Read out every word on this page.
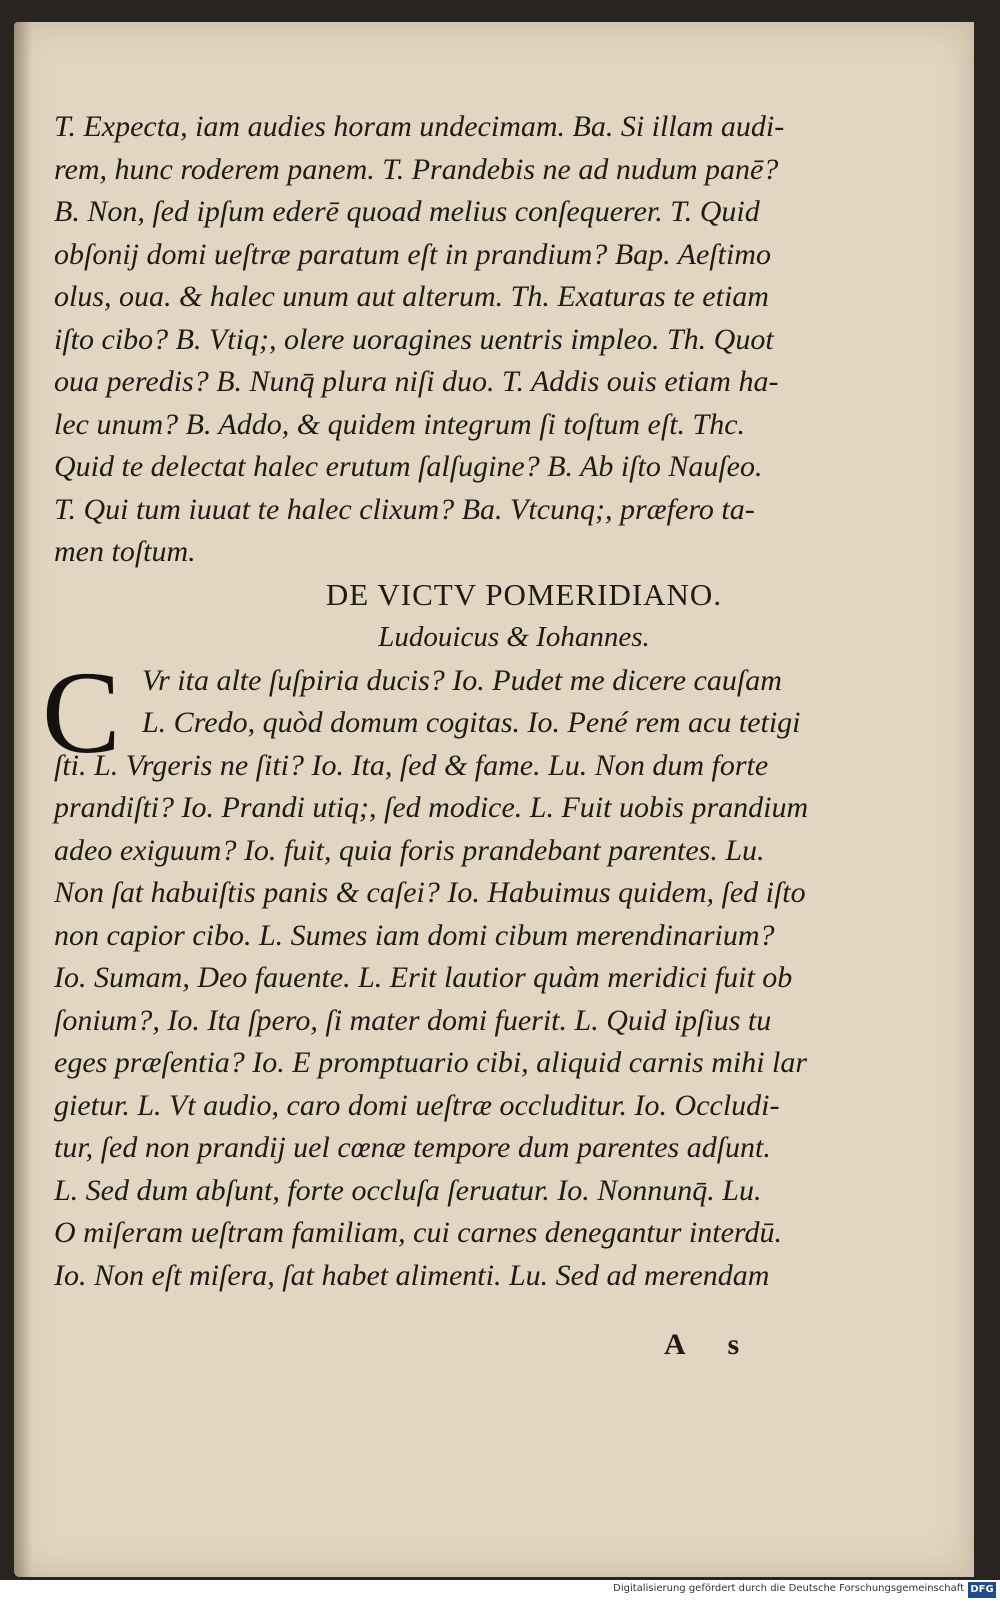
T. Expecta, iam audies horam undecimam. Ba. Si illam audi-
rem, hunc roderem panem. T. Prandebis ne ad nudum panē?
B. Non, ſed ipſum ederē quoad melius conſequerer. T. Quid
obſonij domi ueſtræ paratum eſt in prandium? Bap. Aeſtimo
olus, oua. & halec unum aut alterum. Th. Exaturas te etiam
iſto cibo? B. Vtiq;, olere uoragines uentris impleo. Th. Quot
oua peredis? B. Nunq̄ plura niſi duo. T. Addis ouis etiam ha-
lec unum? B. Addo, & quidem integrum ſi toſtum eſt. Thc.
Quid te delectat halec erutum ſalſugine? B. Ab iſto Nauſeo.
T. Qui tum iuuat te halec clixum? Ba. Vtcunq;, præfero ta-
men toſtum.
DE VICTV POMERIDIANO.
Ludouicus & Iohannes.
C Vr ita alte ſuſpiria ducis? Io. Pudet me dicere cauſam
L. Credo, quòd domum cogitas. Io. Pené rem acu tetigi
ſti. L. Vrgeris ne ſiti? Io. Ita, ſed & fame. Lu. Non dum forte
prandiſti? Io. Prandi utiq;, ſed modice. L. Fuit uobis prandium
adeo exiguum? Io. fuit, quia foris prandebant parentes. Lu.
Non ſat habuiſtis panis & caſei? Io. Habuimus quidem, ſed iſto
non capior cibo. L. Sumes iam domi cibum merendinarium?
Io. Sumam, Deo fauente. L. Erit lautior quàm meridici fuit ob
ſonium?, Io. Ita ſpero, ſi mater domi fuerit. L. Quid ipſius tu
eges præſentia? Io. E promptuario cibi, aliquid carnis mihi lar
gietur. L. Vt audio, caro domi ueſtræ occluditur. Io. Occludi-
tur, ſed non prandij uel cœnæ tempore dum parentes adſunt.
L. Sed dum abſunt, forte occluſa ſeruatur. Io. Nonnunq̄. Lu.
O miſeram ueſtram familiam, cui carnes denegantur interdū.
Io. Non eſt miſera, ſat habet alimenti. Lu. Sed ad merendam
A s
Digitalisierung gefördert durch die Deutsche Forschungsgemeinschaft DFG
